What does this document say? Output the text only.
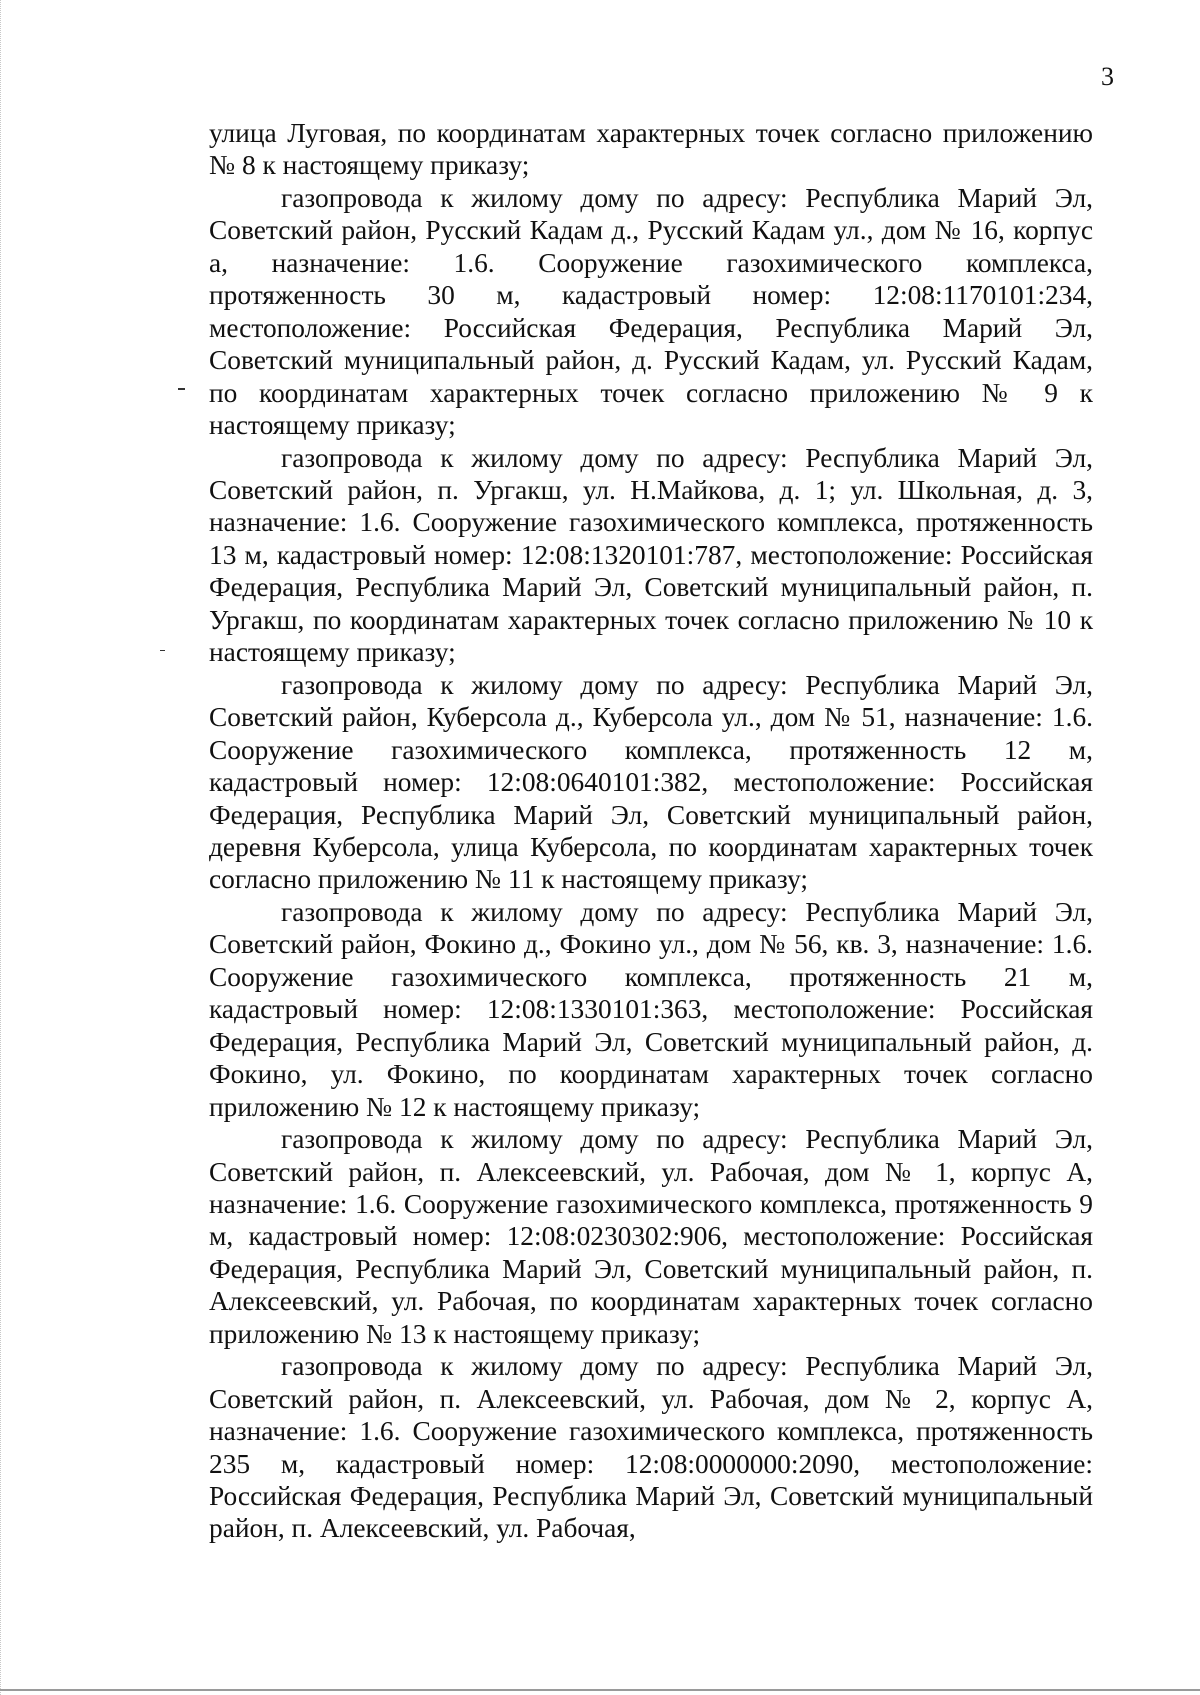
3

улица Луговая, по координатам характерных точек согласно приложению № 8 к настоящему приказу;

газопровода к жилому дому по адресу: Республика Марий Эл, Советский район, Русский Кадам д., Русский Кадам ул., дом № 16, корпус а, назначение: 1.6. Сооружение газохимического комплекса, протяженность 30 м, кадастровый номер: 12:08:1170101:234, местоположение: Российская Федерация, Республика Марий Эл, Советский муниципальный район, д. Русский Кадам, ул. Русский Кадам, по координатам характерных точек согласно приложению № 9 к настоящему приказу;

газопровода к жилому дому по адресу: Республика Марий Эл, Советский район, п. Ургакш, ул. Н.Майкова, д. 1; ул. Школьная, д. 3, назначение: 1.6. Сооружение газохимического комплекса, протяженность 13 м, кадастровый номер: 12:08:1320101:787, местоположение: Российская Федерация, Республика Марий Эл, Советский муниципальный район, п. Ургакш, по координатам характерных точек согласно приложению № 10 к настоящему приказу;

газопровода к жилому дому по адресу: Республика Марий Эл, Советский район, Куберсола д., Куберсола ул., дом № 51, назначение: 1.6. Сооружение газохимического комплекса, протяженность 12 м, кадастровый номер: 12:08:0640101:382, местоположение: Российская Федерация, Республика Марий Эл, Советский муниципальный район, деревня Куберсола, улица Куберсола, по координатам характерных точек согласно приложению № 11 к настоящему приказу;

газопровода к жилому дому по адресу: Республика Марий Эл, Советский район, Фокино д., Фокино ул., дом № 56, кв. 3, назначение: 1.6. Сооружение газохимического комплекса, протяженность 21 м, кадастровый номер: 12:08:1330101:363, местоположение: Российская Федерация, Республика Марий Эл, Советский муниципальный район, д. Фокино, ул. Фокино, по координатам характерных точек согласно приложению № 12 к настоящему приказу;

газопровода к жилому дому по адресу: Республика Марий Эл, Советский район, п. Алексеевский, ул. Рабочая, дом № 1, корпус А, назначение: 1.6. Сооружение газохимического комплекса, протяженность 9 м, кадастровый номер: 12:08:0230302:906, местоположение: Российская Федерация, Республика Марий Эл, Советский муниципальный район, п. Алексеевский, ул. Рабочая, по координатам характерных точек согласно приложению № 13 к настоящему приказу;

газопровода к жилому дому по адресу: Республика Марий Эл, Советский район, п. Алексеевский, ул. Рабочая, дом № 2, корпус А, назначение: 1.6. Сооружение газохимического комплекса, протяженность 235 м, кадастровый номер: 12:08:0000000:2090, местоположение: Российская Федерация, Республика Марий Эл, Советский муниципальный район, п. Алексеевский, ул. Рабочая,
